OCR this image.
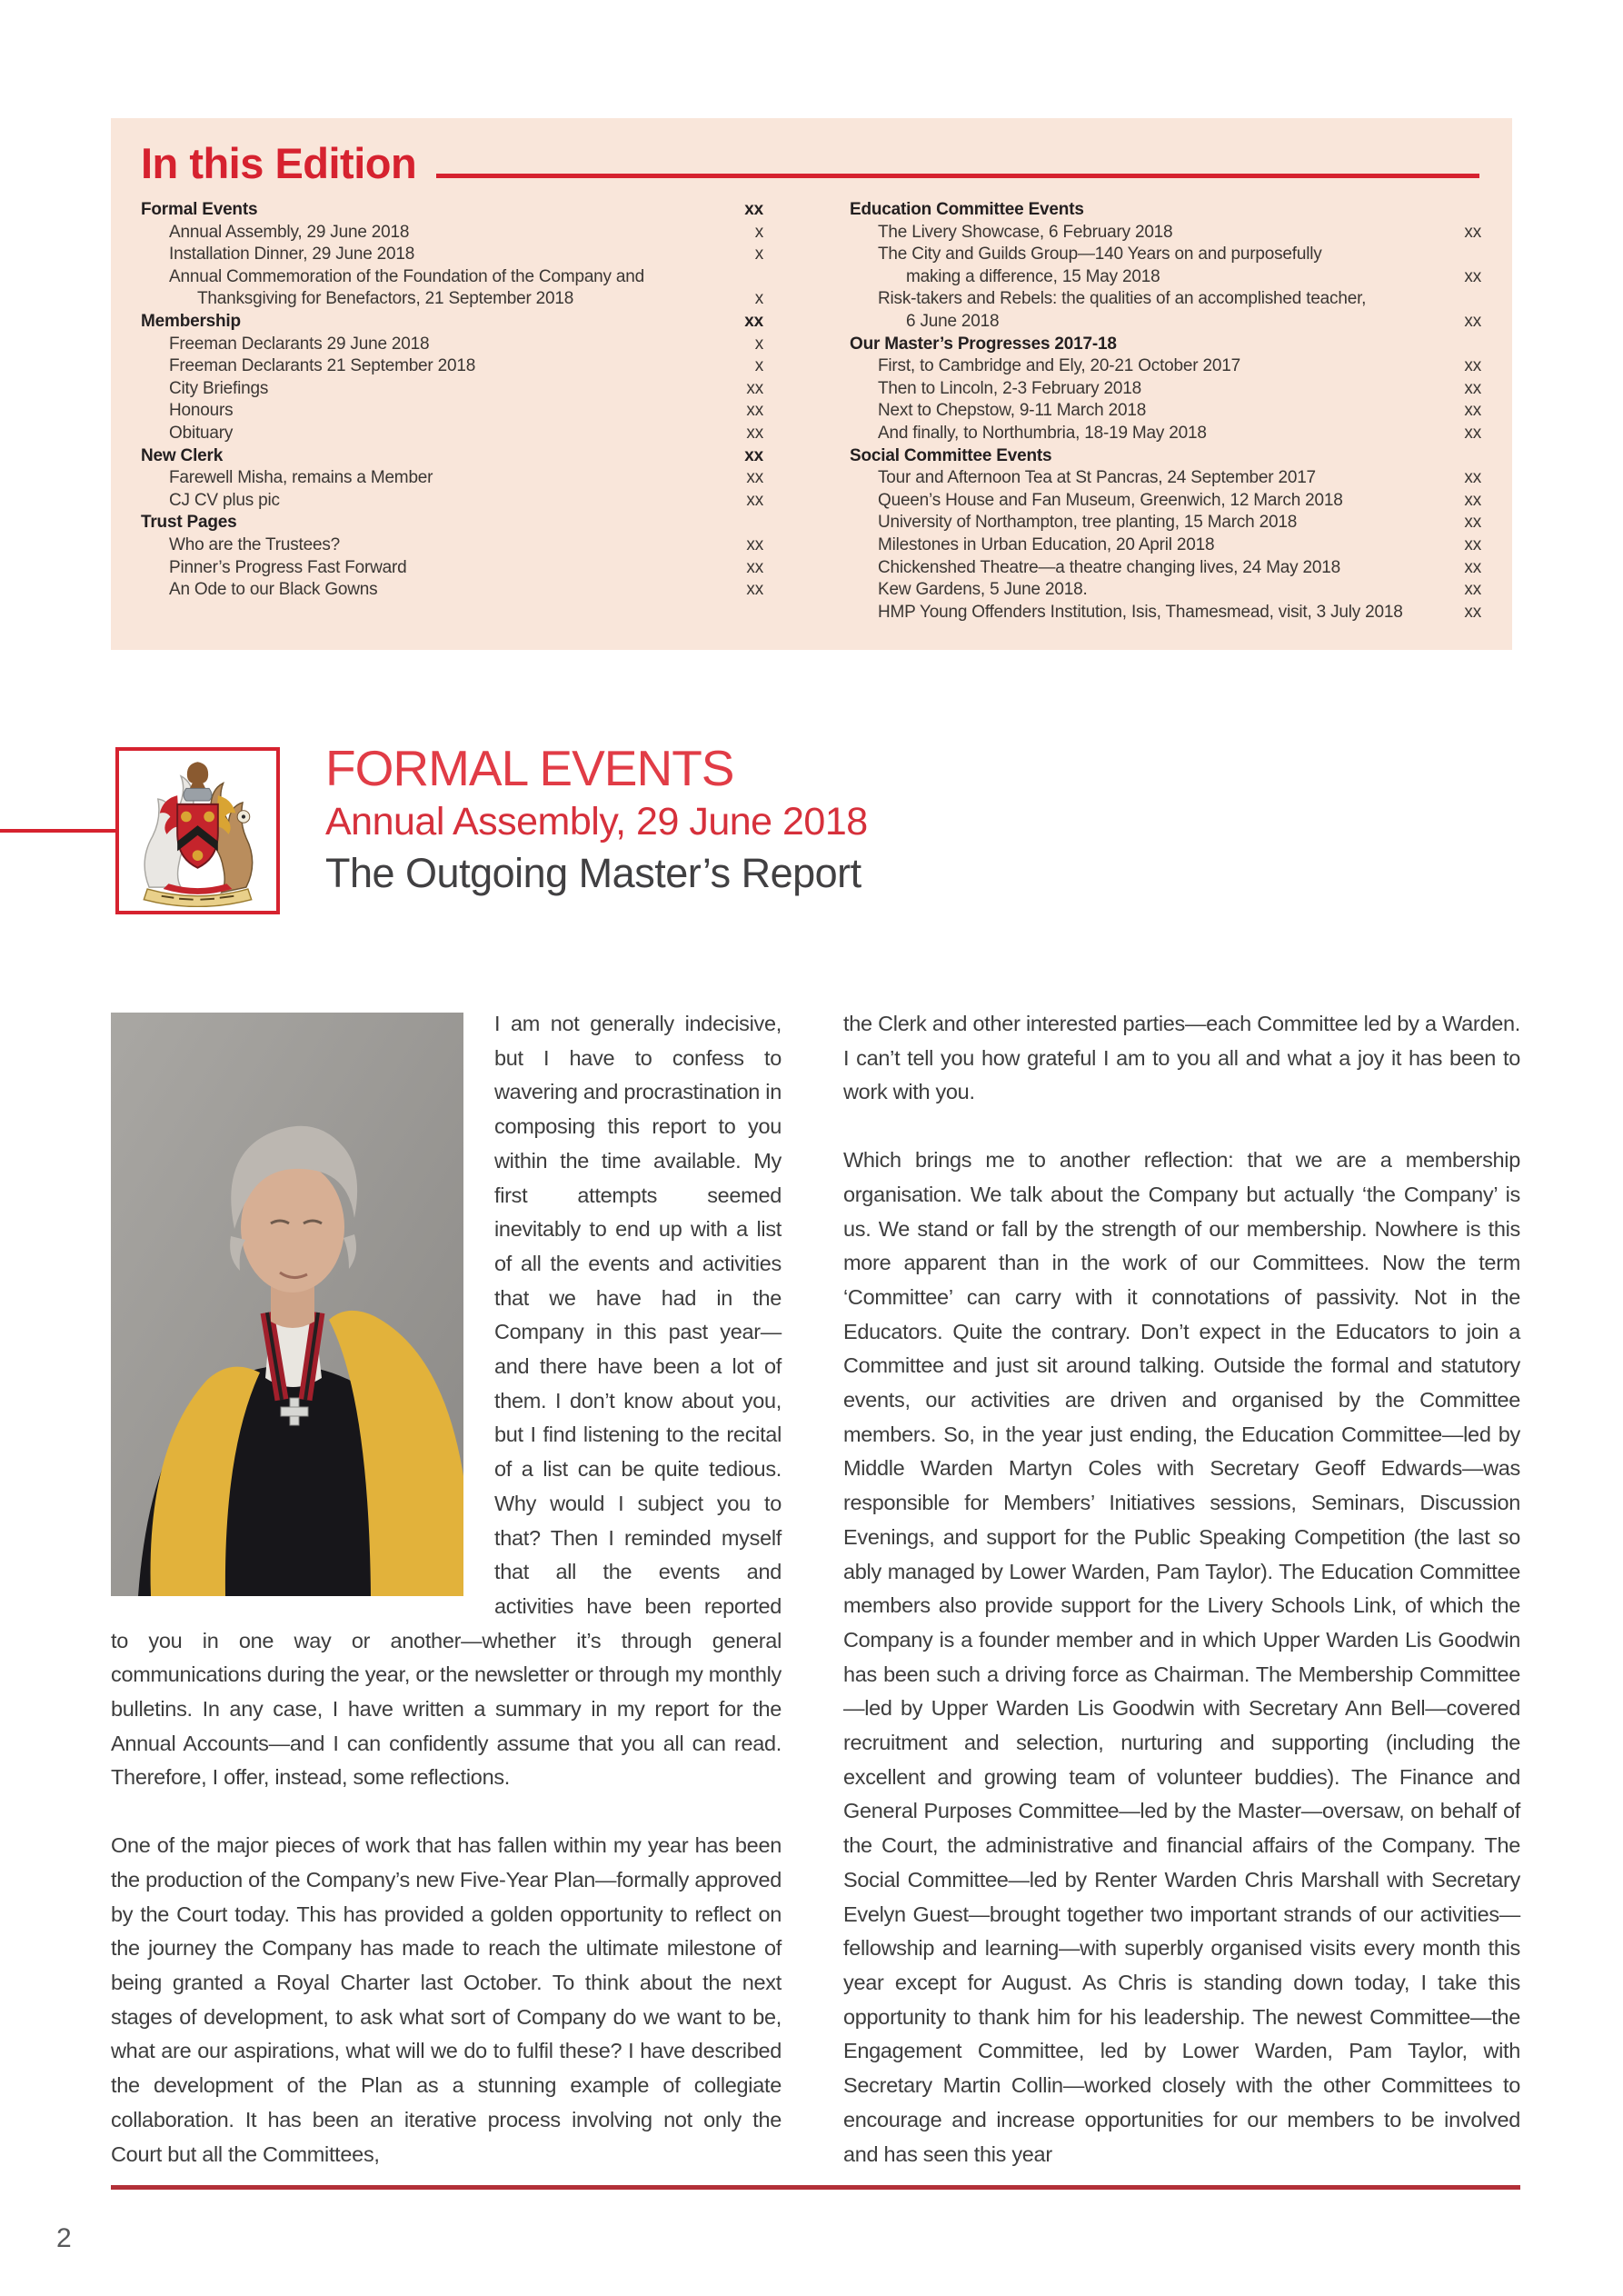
In this Edition
Formal Events	xx
Annual Assembly, 29 June 2018	x
Installation Dinner, 29 June 2018	x
Annual Commemoration of the Foundation of the Company and
Thanksgiving for Benefactors, 21 September 2018	x
Membership	xx
Freeman Declarants 29 June 2018	x
Freeman Declarants 21 September 2018	x
City Briefings	xx
Honours	xx
Obituary	xx
New Clerk	xx
Farewell Misha, remains a Member	xx
CJ CV plus pic	xx
Trust Pages
Who are the Trustees?	xx
Pinner’s Progress Fast Forward	xx
An Ode to our Black Gowns	xx
Education Committee Events
The Livery Showcase, 6 February 2018	xx
The City and Guilds Group—140 Years on and purposefully
making a difference, 15 May 2018	xx
Risk-takers and Rebels: the qualities of an accomplished teacher,
6 June 2018	xx
Our Master’s Progresses 2017-18
First, to Cambridge and Ely, 20-21 October 2017	xx
Then to Lincoln, 2-3 February 2018	xx
Next to Chepstow, 9-11 March 2018	xx
And finally, to Northumbria, 18-19 May 2018	xx
Social Committee Events
Tour and Afternoon Tea at St Pancras, 24 September 2017	xx
Queen’s House and Fan Museum, Greenwich, 12 March 2018	xx
University of Northampton, tree planting, 15 March 2018	xx
Milestones in Urban Education, 20 April 2018	xx
Chickenshed Theatre—a theatre changing lives, 24 May 2018	xx
Kew Gardens, 5 June 2018.	xx
HMP Young Offenders Institution, Isis, Thamesmead, visit, 3 July 2018	xx
FORMAL EVENTS
Annual Assembly, 29 June 2018
The Outgoing Master’s Report

I am not generally indecisive, but I have to confess to wavering and procrastination in composing this report to you within the time available. My first attempts seemed inevitably to end up with a list of all the events and activities that we have had in the Company in this past year—and there have been a lot of them. I don’t know about you, but I find listening to the recital of a list can be quite tedious. Why would I subject you to that? Then I reminded myself that all the events and activities have been reported to you in one way or another—whether it’s through general communications during the year, or the newsletter or through my monthly bulletins. In any case, I have written a summary in my report for the Annual Accounts—and I can confidently assume that you all can read. Therefore, I offer, instead, some reflections.

One of the major pieces of work that has fallen within my year has been the production of the Company’s new Five-Year Plan—formally approved by the Court today. This has provided a golden opportunity to reflect on the journey the Company has made to reach the ultimate milestone of being granted a Royal Charter last October. To think about the next stages of development, to ask what sort of Company do we want to be, what are our aspirations, what will we do to fulfil these? I have described the development of the Plan as a stunning example of collegiate collaboration. It has been an iterative process involving not only the Court but all the Committees,

the Clerk and other interested parties—each Committee led by a Warden. I can’t tell you how grateful I am to you all and what a joy it has been to work with you.

Which brings me to another reflection: that we are a membership organisation. We talk about the Company but actually ‘the Company’ is us. We stand or fall by the strength of our membership. Nowhere is this more apparent than in the work of our Committees. Now the term ‘Committee’ can carry with it connotations of passivity. Not in the Educators. Quite the contrary. Don’t expect in the Educators to join a Committee and just sit around talking. Outside the formal and statutory events, our activities are driven and organised by the Committee members. So, in the year just ending, the Education Committee—led by Middle Warden Martyn Coles with Secretary Geoff Edwards—was responsible for Members’ Initiatives sessions, Seminars, Discussion Evenings, and support for the Public Speaking Competition (the last so ably managed by Lower Warden, Pam Taylor). The Education Committee members also provide support for the Livery Schools Link, of which the Company is a founder member and in which Upper Warden Lis Goodwin has been such a driving force as Chairman. The Membership Committee—led by Upper Warden Lis Goodwin with Secretary Ann Bell—covered recruitment and selection, nurturing and supporting (including the excellent and growing team of volunteer buddies). The Finance and General Purposes Committee—led by the Master—oversaw, on behalf of the Court, the administrative and financial affairs of the Company. The Social Committee—led by Renter Warden Chris Marshall with Secretary Evelyn Guest—brought together two important strands of our activities—fellowship and learning—with superbly organised visits every month this year except for August. As Chris is standing down today, I take this opportunity to thank him for his leadership. The newest Committee—the Engagement Committee, led by Lower Warden, Pam Taylor, with Secretary Martin Collin—worked closely with the other Committees to encourage and increase opportunities for our members to be involved and has seen this year

2
